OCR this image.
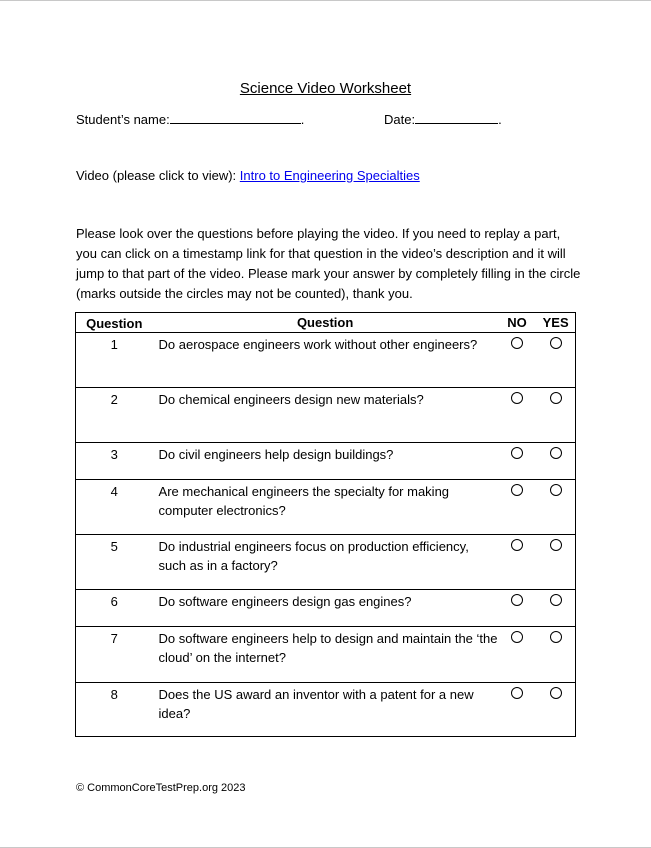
Science Video Worksheet
Student’s name:	.	Date:	.
Video (please click to view): Intro to Engineering Specialties
Please look over the questions before playing the video. If you need to replay a part, you can click on a timestamp link for that question in the video’s description and it will jump to that part of the video. Please mark your answer by completely filling in the circle (marks outside the circles may not be counted), thank you.
Question	Question	NO	YES
1	Do aerospace engineers work without other engineers?		
2	Do chemical engineers design new materials?		
3	Do civil engineers help design buildings?		
4	Are mechanical engineers the specialty for making computer electronics?		
5	Do industrial engineers focus on production efficiency, such as in a factory?		
6	Do software engineers design gas engines?		
7	Do software engineers help to design and maintain the ‘the cloud’ on the internet?		
8	Does the US award an inventor with a patent for a new idea?		
© CommonCoreTestPrep.org 2023
